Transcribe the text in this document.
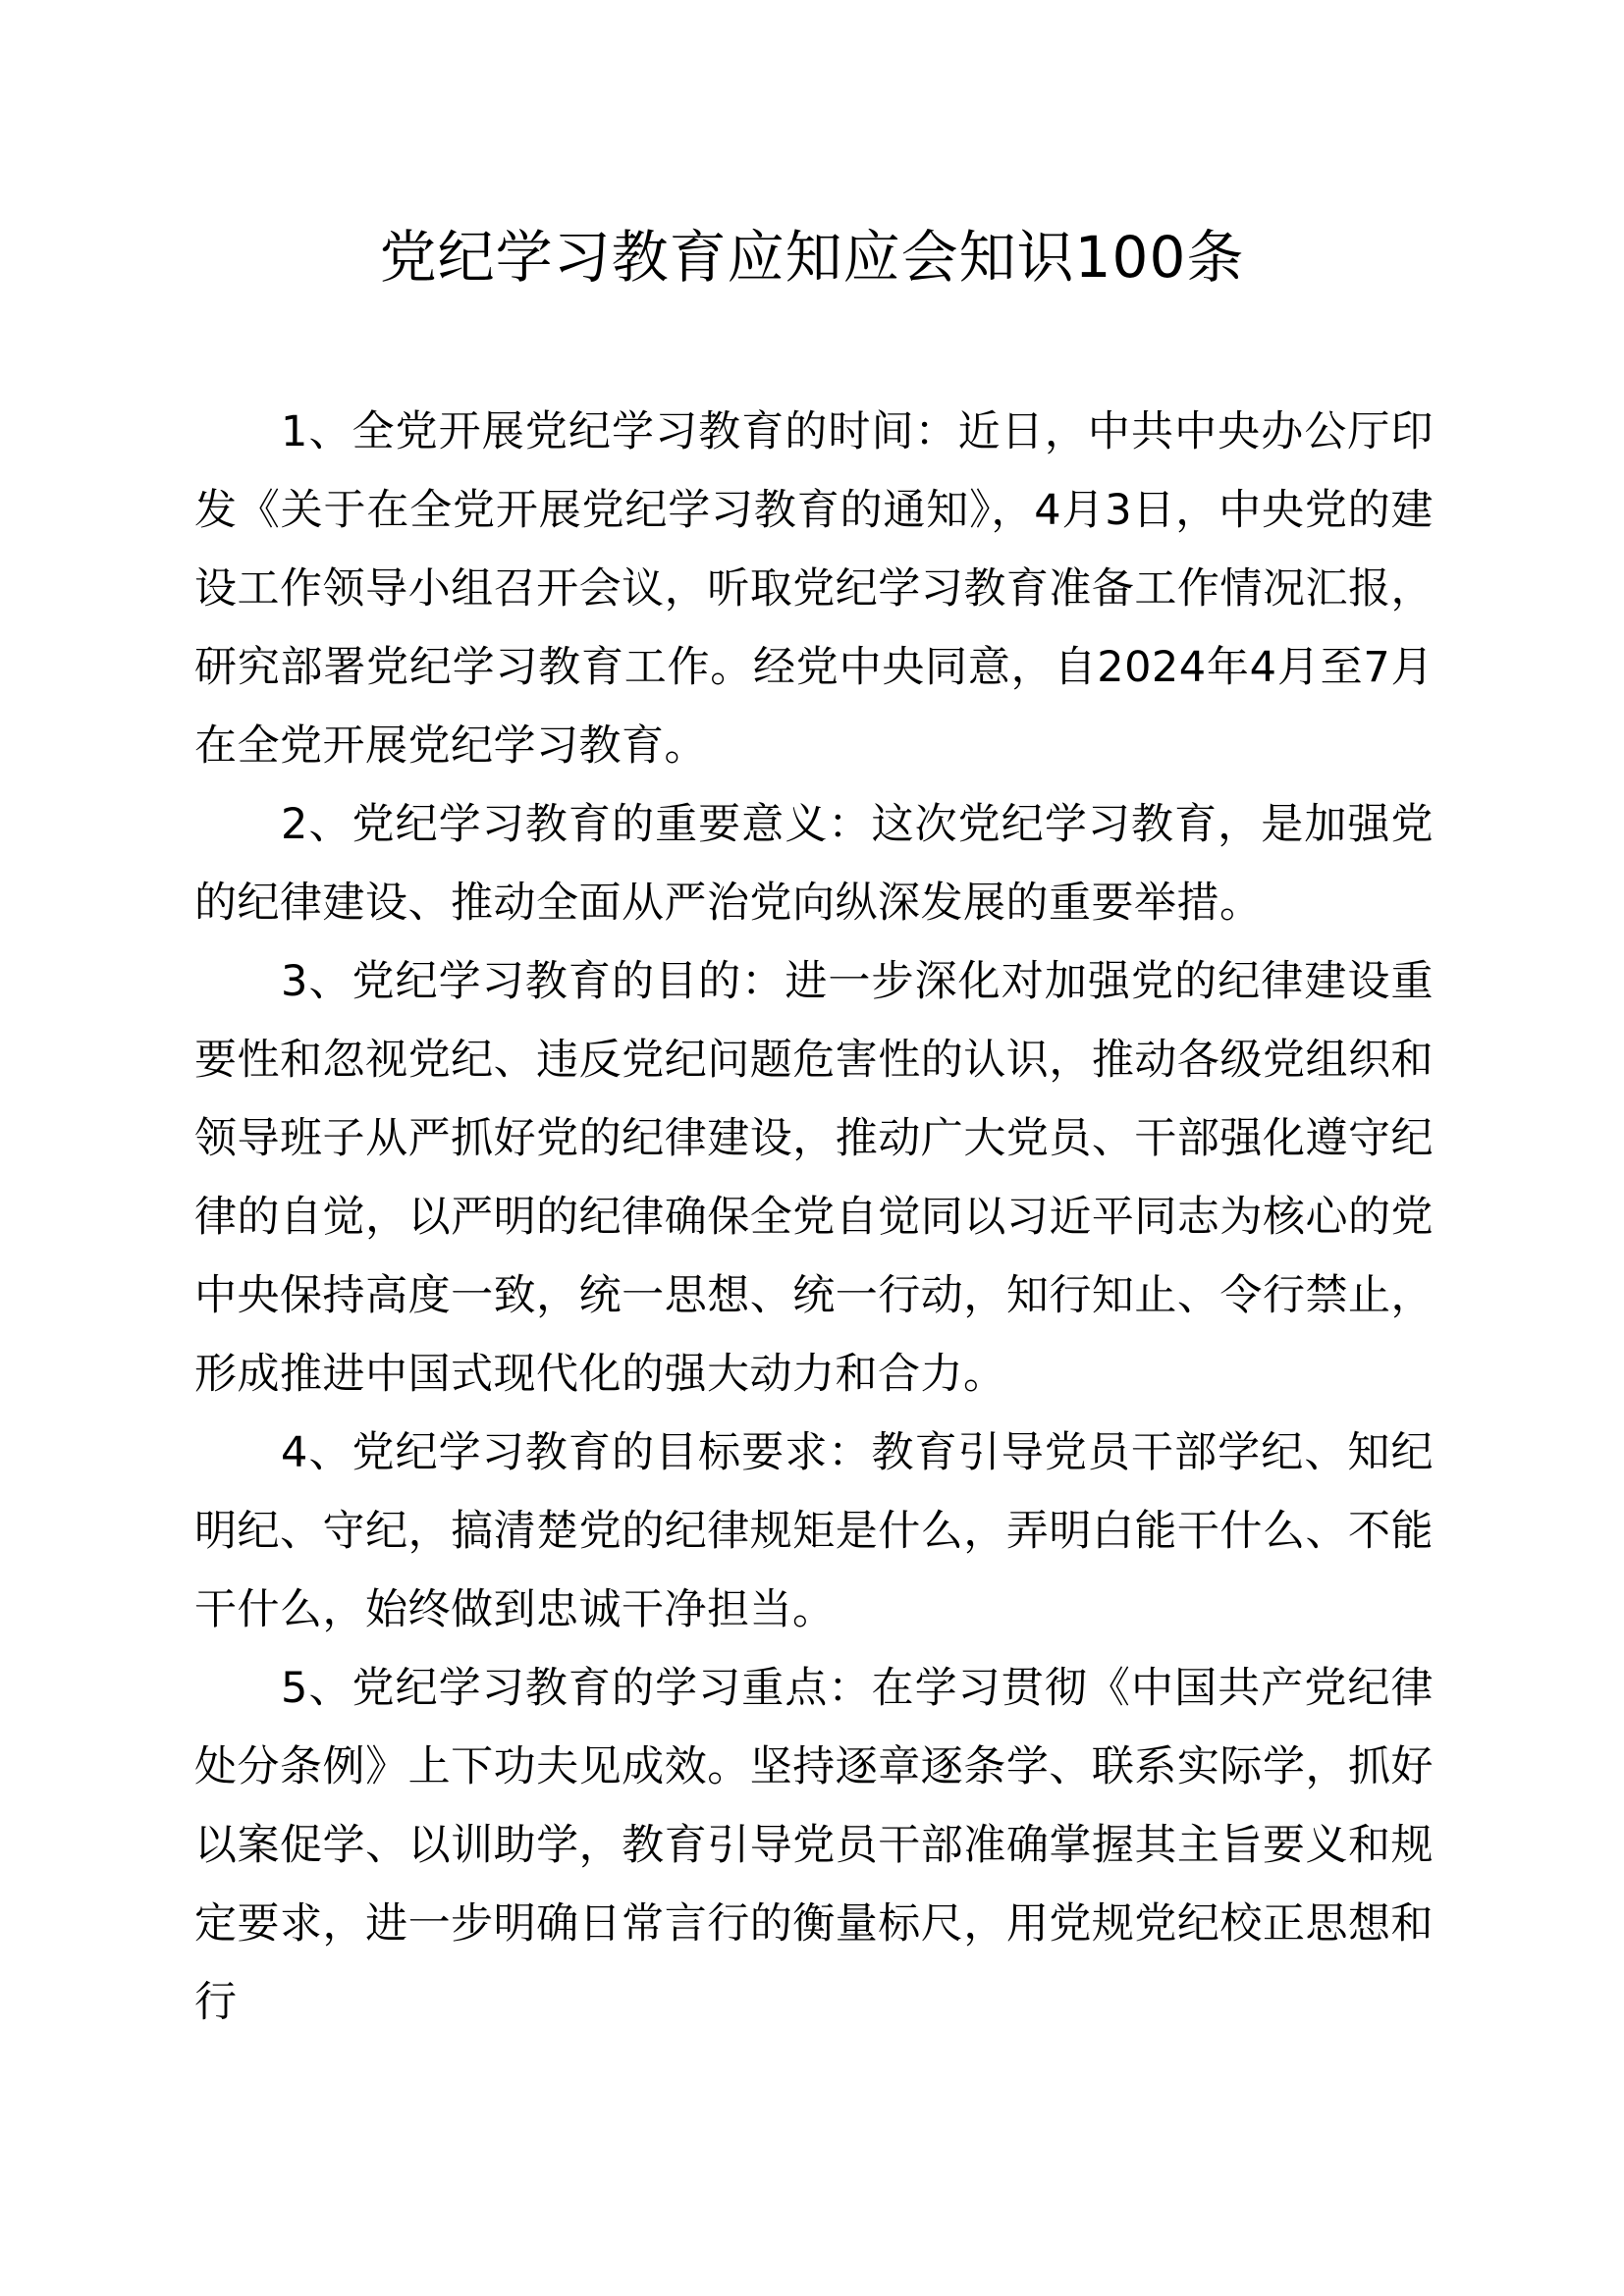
党纪学习教育应知应会知识100条

1、全党开展党纪学习教育的时间：近日，中共中央办公厅印发《关于在全党开展党纪学习教育的通知》，4月3日，中央党的建设工作领导小组召开会议，听取党纪学习教育准备工作情况汇报，研究部署党纪学习教育工作。经党中央同意，自2024年4月至7月在全党开展党纪学习教育。

2、党纪学习教育的重要意义：这次党纪学习教育，是加强党的纪律建设、推动全面从严治党向纵深发展的重要举措。

3、党纪学习教育的目的：进一步深化对加强党的纪律建设重要性和忽视党纪、违反党纪问题危害性的认识，推动各级党组织和领导班子从严抓好党的纪律建设，推动广大党员、干部强化遵守纪律的自觉，以严明的纪律确保全党自觉同以习近平同志为核心的党中央保持高度一致，统一思想、统一行动，知行知止、令行禁止，形成推进中国式现代化的强大动力和合力。

4、党纪学习教育的目标要求：教育引导党员干部学纪、知纪明纪、守纪，搞清楚党的纪律规矩是什么，弄明白能干什么、不能干什么，始终做到忠诚干净担当。

5、党纪学习教育的学习重点：在学习贯彻《中国共产党纪律处分条例》上下功夫见成效。坚持逐章逐条学、联系实际学，抓好以案促学、以训助学，教育引导党员干部准确掌握其主旨要义和规定要求，进一步明确日常言行的衡量标尺，用党规党纪校正思想和行
